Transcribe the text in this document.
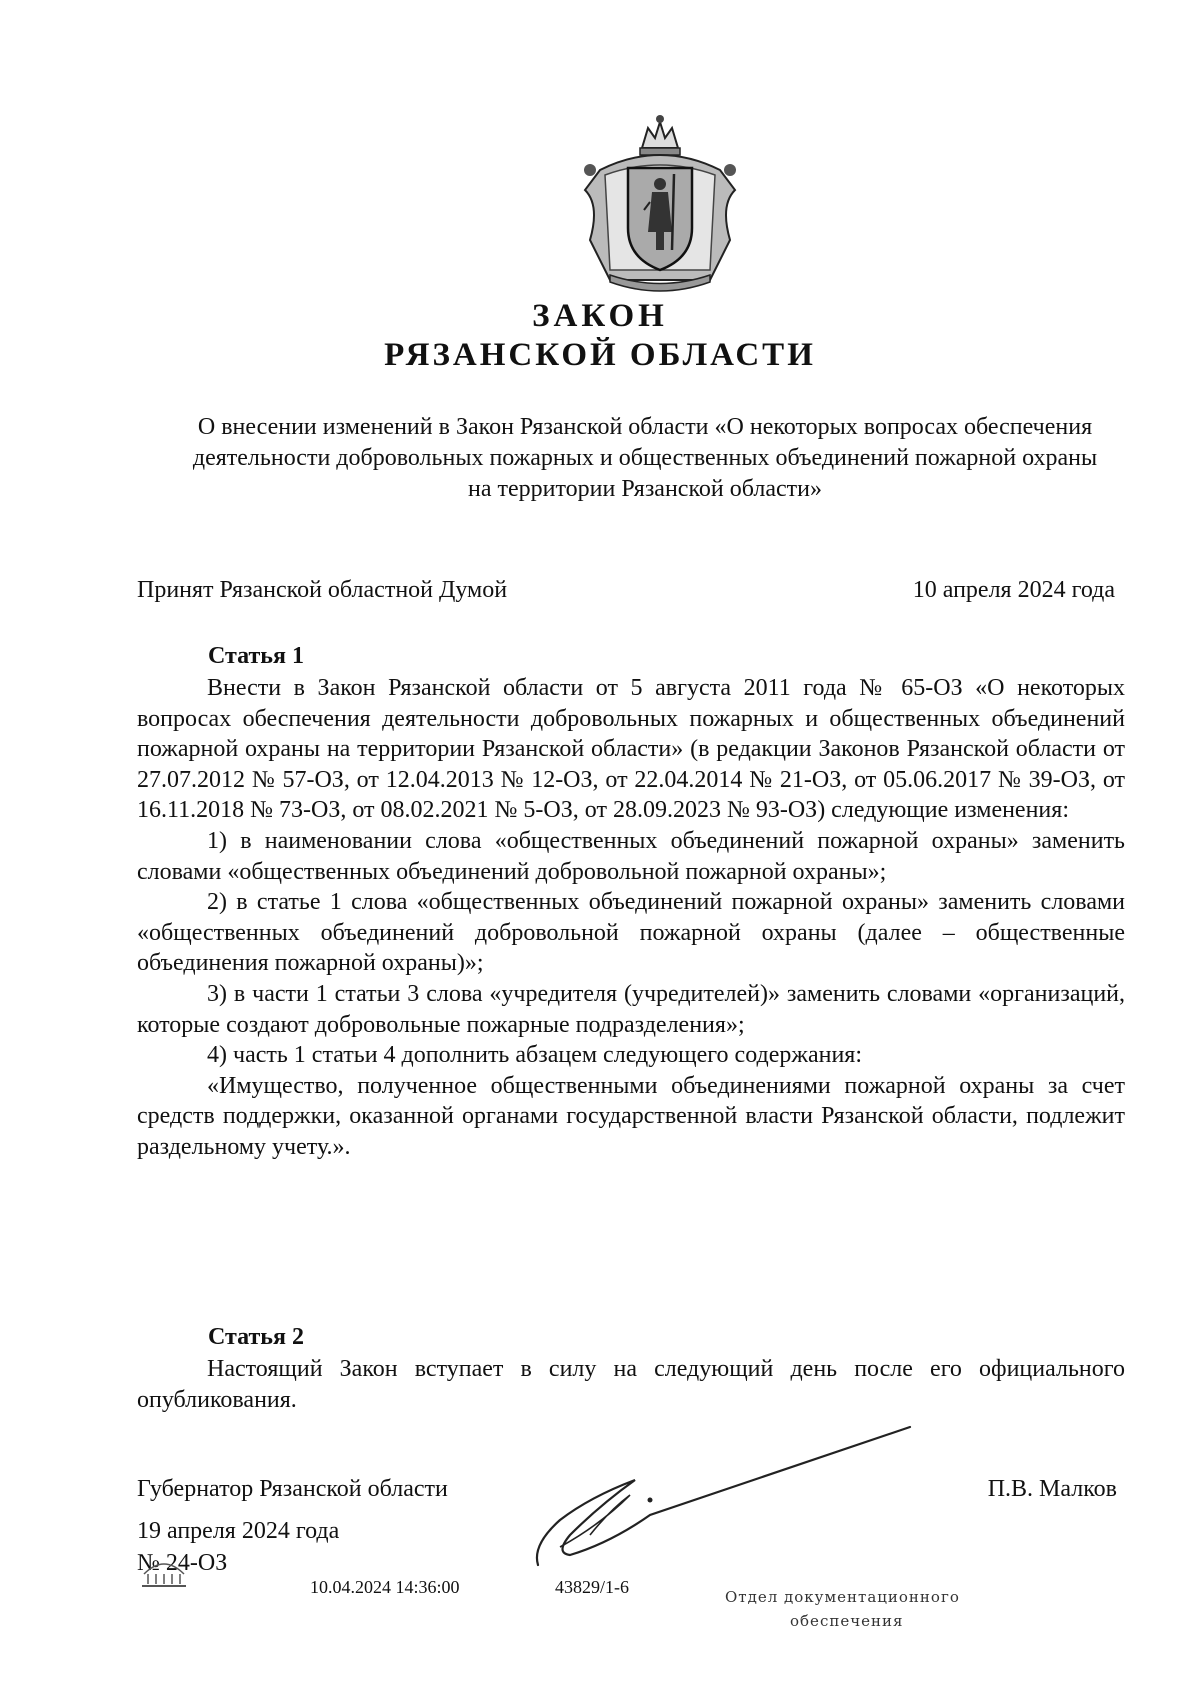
ЗАКОН
РЯЗАНСКОЙ ОБЛАСТИ
О внесении изменений в Закон Рязанской области «О некоторых вопросах обеспечения деятельности добровольных пожарных и общественных объединений пожарной охраны на территории Рязанской области»
Принят Рязанской областной Думой	10 апреля 2024 года
Статья 1

Внести в Закон Рязанской области от 5 августа 2011 года № 65-ОЗ «О некоторых вопросах обеспечения деятельности добровольных пожарных и общественных объединений пожарной охраны на территории Рязанской области» (в редакции Законов Рязанской области от 27.07.2012 № 57-ОЗ, от 12.04.2013 № 12-ОЗ, от 22.04.2014 № 21-ОЗ, от 05.06.2017 № 39-ОЗ, от 16.11.2018 № 73-ОЗ, от 08.02.2021 № 5-ОЗ, от 28.09.2023 № 93-ОЗ) следующие изменения:

1) в наименовании слова «общественных объединений пожарной охраны» заменить словами «общественных объединений добровольной пожарной охраны»;

2) в статье 1 слова «общественных объединений пожарной охраны» заменить словами «общественных объединений добровольной пожарной охраны (далее – общественные объединения пожарной охраны)»;

3) в части 1 статьи 3 слова «учредителя (учредителей)» заменить словами «организаций, которые создают добровольные пожарные подразделения»;

4) часть 1 статьи 4 дополнить абзацем следующего содержания:

«Имущество, полученное общественными объединениями пожарной охраны за счет средств поддержки, оказанной органами государственной власти Рязанской области, подлежит раздельному учету.».

Статья 2

Настоящий Закон вступает в силу на следующий день после его официального опубликования.

Губернатор Рязанской области	П.В. Малков
19 апреля 2024 года
№ 24-ОЗ
Отдел документационного
обеспечения
10.04.2024 14:36:00	43829/1-6
